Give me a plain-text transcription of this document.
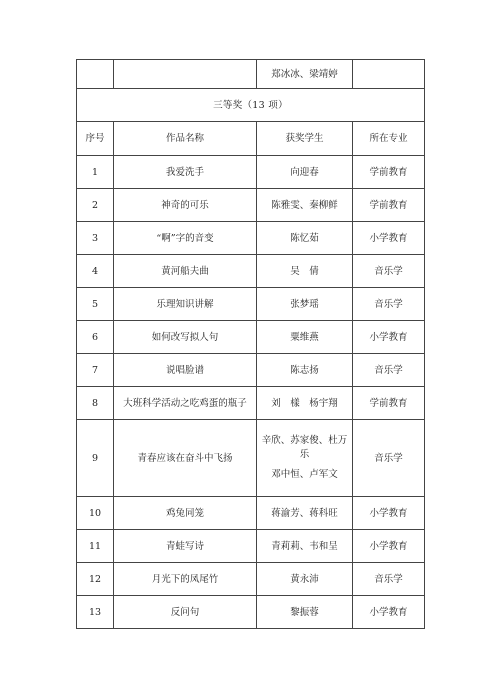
		郑冰冰、梁靖婷	
三等奖（13 项）			
序号	作品名称	获奖学生	所在专业
1	我爱洗手	向迎春	学前教育
2	神奇的可乐	陈雅雯、秦柳鲜	学前教育
3	“啊”字的音变	陈忆茹	小学教育
4	黄河船夫曲	吴　倩	音乐学
5	乐理知识讲解	张梦瑶	音乐学
6	如何改写拟人句	粟维燕	小学教育
7	说唱脸谱	陈志扬	音乐学
8	大班科学活动之吃鸡蛋的瓶子	刘　樣　杨宇翔	学前教育
9	青春应该在奋斗中飞扬	辛欣、苏家俊、杜万乐
邓中恒、卢军文	音乐学
10	鸡兔同笼	蒋渝芳、蒋科旺	小学教育
11	青蛙写诗	青莉莉、韦和呈	小学教育
12	月光下的凤尾竹	黄永沛	音乐学
13	反问句	黎振蓉	小学教育
